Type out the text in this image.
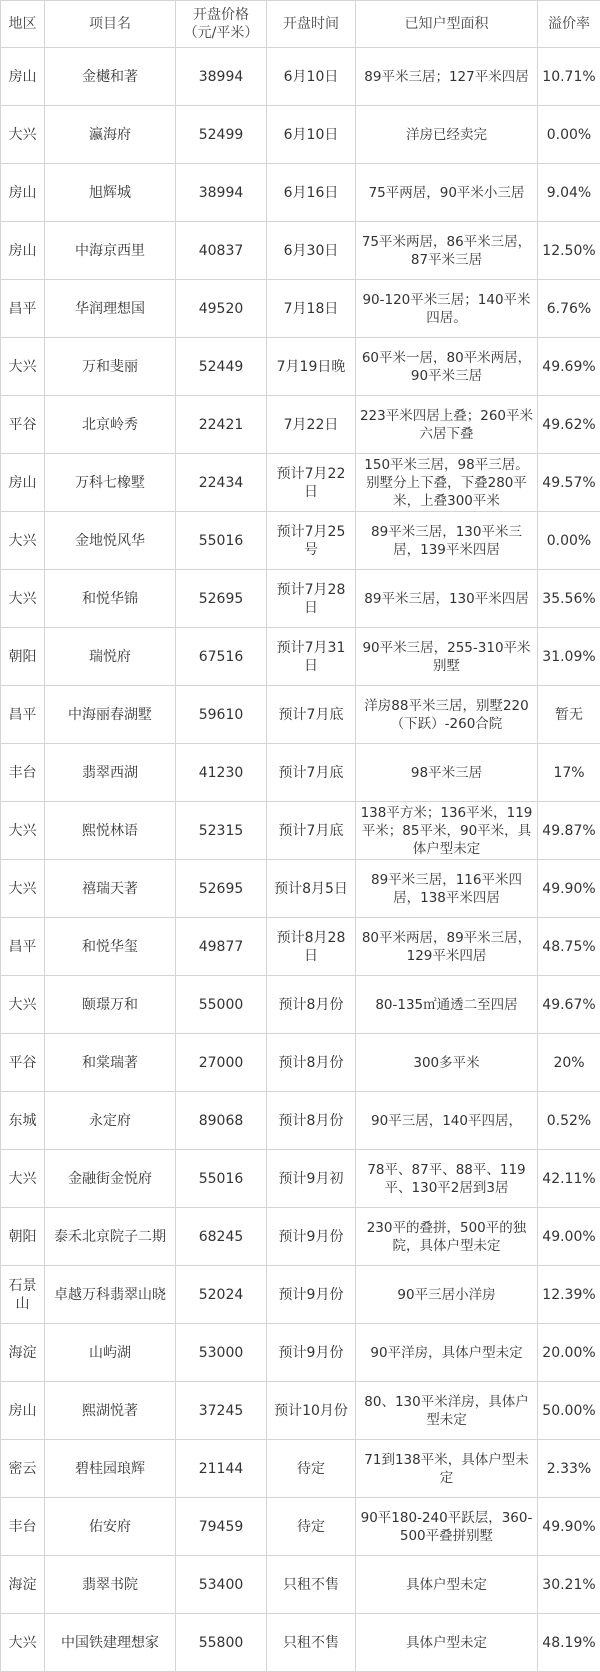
地区	项目名	开盘价格（元/平米）	开盘时间	已知户型面积	溢价率
房山	金樾和著	38994	6月10日	89平米三居；127平米四居	10.71%
大兴	瀛海府	52499	6月10日	洋房已经卖完	0.00%
房山	旭辉城	38994	6月16日	75平两居，90平米小三居	9.04%
房山	中海京西里	40837	6月30日	75平米两居，86平米三居，87平米三居	12.50%
昌平	华润理想国	49520	7月18日	90-120平米三居；140平米四居。	6.76%
大兴	万和斐丽	52449	7月19日晚	60平米一居，80平米两居，90平米三居	49.69%
平谷	北京岭秀	22421	7月22日	223平米四居上叠；260平米六居下叠	49.62%
房山	万科七橡墅	22434	预计7月22日	150平米三居，98平三居。别墅分上下叠，下叠280平米，上叠300平米	49.57%
大兴	金地悦风华	55016	预计7月25号	89平米三居，130平米三居，139平米四居	0.00%
大兴	和悦华锦	52695	预计7月28日	89平米三居，130平米四居	35.56%
朝阳	瑞悦府	67516	预计7月31日	90平米三居，255-310平米别墅	31.09%
昌平	中海丽春湖墅	59610	预计7月底	洋房88平米三居，别墅220（下跃）-260合院	暂无
丰台	翡翠西湖	41230	预计7月底	98平米三居	17%
大兴	熙悦林语	52315	预计7月底	138平方米；136平米，119平米；85平米，90平米，具体户型未定	49.87%
大兴	禧瑞天著	52695	预计8月5日	89平米三居，116平米四居，138平米四居	49.90%
昌平	和悦华玺	49877	预计8月28日	80平米两居，89平米三居，129平米四居	48.75%
大兴	颐璟万和	55000	预计8月份	80-135㎡通透二至四居	49.67%
平谷	和棠瑞著	27000	预计8月份	300多平米	20%
东城	永定府	89068	预计8月份	90平三居，140平四居，	0.52%
大兴	金融街金悦府	55016	预计9月初	78平、87平、88平、119平、130平2居到3居	42.11%
朝阳	泰禾北京院子二期	68245	预计9月份	230平的叠拼，500平的独院，具体户型未定	49.00%
石景山	卓越万科翡翠山晓	52024	预计9月份	90平三居小洋房	12.39%
海淀	山屿湖	53000	预计9月份	90平洋房，具体户型未定	20.00%
房山	熙湖悦著	37245	预计10月份	80、130平米洋房，具体户型未定	50.00%
密云	碧桂园琅辉	21144	待定	71到138平米，具体户型未定	2.33%
丰台	佑安府	79459	待定	90平180-240平跃层，360-500平叠拼别墅	49.90%
海淀	翡翠书院	53400	只租不售	具体户型未定	30.21%
大兴	中国铁建理想家	55800	只租不售	具体户型未定	48.19%
